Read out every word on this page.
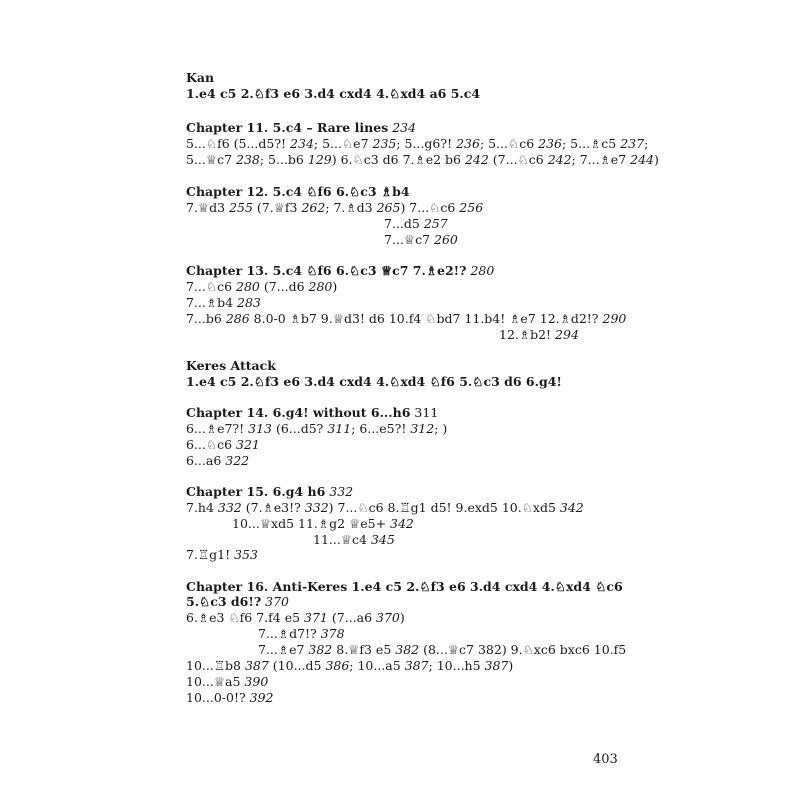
Kan
1.e4 c5 2.♘f3 e6 3.d4 cxd4 4.♘xd4 a6 5.c4
Chapter 11. 5.c4 – Rare lines 234
5...♘f6 (5...d5?! 234; 5...♘e7 235; 5...g6?! 236; 5...♘c6 236; 5...♗c5 237;
5...♕c7 238; 5...b6 129) 6.♘c3 d6 7.♗e2 b6 242 (7...♘c6 242; 7...♗e7 244)
Chapter 12. 5.c4 ♘f6 6.♘c3 ♗b4
7.♕d3 255 (7.♕f3 262; 7.♗d3 265) 7...♘c6 256
7...d5 257
7...♕c7 260
Chapter 13. 5.c4 ♘f6 6.♘c3 ♕c7 7.♗e2!? 280
7...♘c6 280 (7...d6 280)
7...♗b4 283
7...b6 286 8.0-0 ♗b7 9.♕d3! d6 10.f4 ♘bd7 11.b4! ♗e7 12.♗d2!? 290
12.♗b2! 294
Keres Attack
1.e4 c5 2.♘f3 e6 3.d4 cxd4 4.♘xd4 ♘f6 5.♘c3 d6 6.g4!
Chapter 14. 6.g4! without 6...h6 311
6...♗e7?! 313 (6...d5? 311; 6...e5?! 312; )
6...♘c6 321
6...a6 322
Chapter 15. 6.g4 h6 332
7.h4 332 (7.♗e3!? 332) 7...♘c6 8.♖g1 d5! 9.exd5 10.♘xd5 342
10...♕xd5 11.♗g2 ♕e5+ 342
11...♕c4 345
7.♖g1! 353
Chapter 16. Anti-Keres 1.e4 c5 2.♘f3 e6 3.d4 cxd4 4.♘xd4 ♘c6
5.♘c3 d6!? 370
6.♗e3 ♘f6 7.f4 e5 371 (7...a6 370)
7...♗d7!? 378
7...♗e7 382 8.♕f3 e5 382 (8...♕c7 382) 9.♘xc6 bxc6 10.f5
10...♖b8 387 (10...d5 386; 10...a5 387; 10...h5 387)
10...♕a5 390
10...0-0!? 392
403
